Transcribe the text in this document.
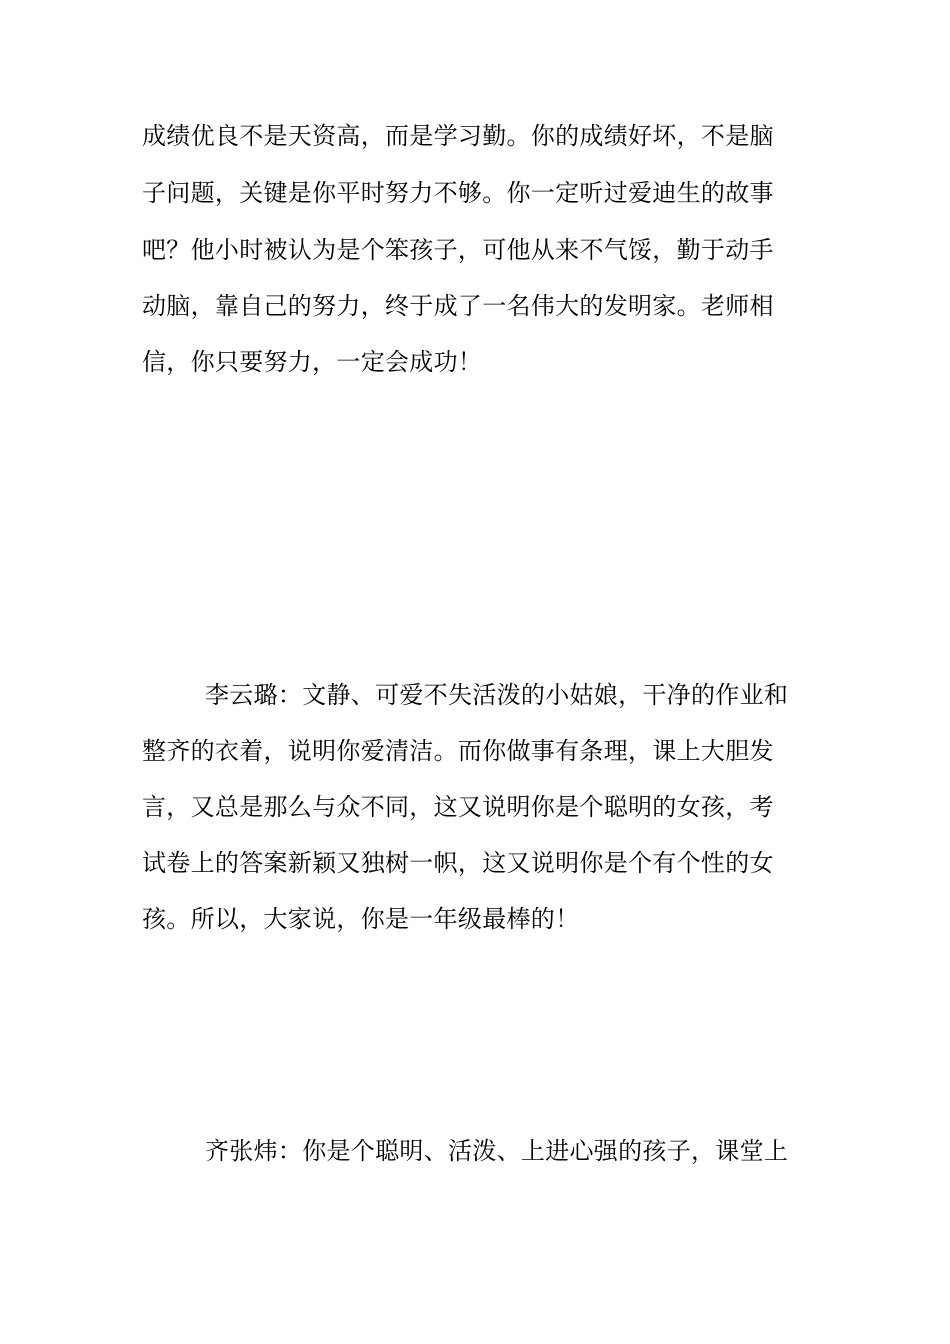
成绩优良不是天资高，而是学习勤。你的成绩好坏，不是脑
子问题，关键是你平时努力不够。你一定听过爱迪生的故事
吧？他小时被认为是个笨孩子，可他从来不气馁，勤于动手
动脑，靠自己的努力，终于成了一名伟大的发明家。老师相
信，你只要努力，一定会成功！
李云璐：文静、可爱不失活泼的小姑娘，干净的作业和
整齐的衣着，说明你爱清洁。而你做事有条理，课上大胆发
言，又总是那么与众不同，这又说明你是个聪明的女孩，考
试卷上的答案新颖又独树一帜，这又说明你是个有个性的女
孩。所以，大家说，你是一年级最棒的！
齐张炜：你是个聪明、活泼、上进心强的孩子，课堂上
